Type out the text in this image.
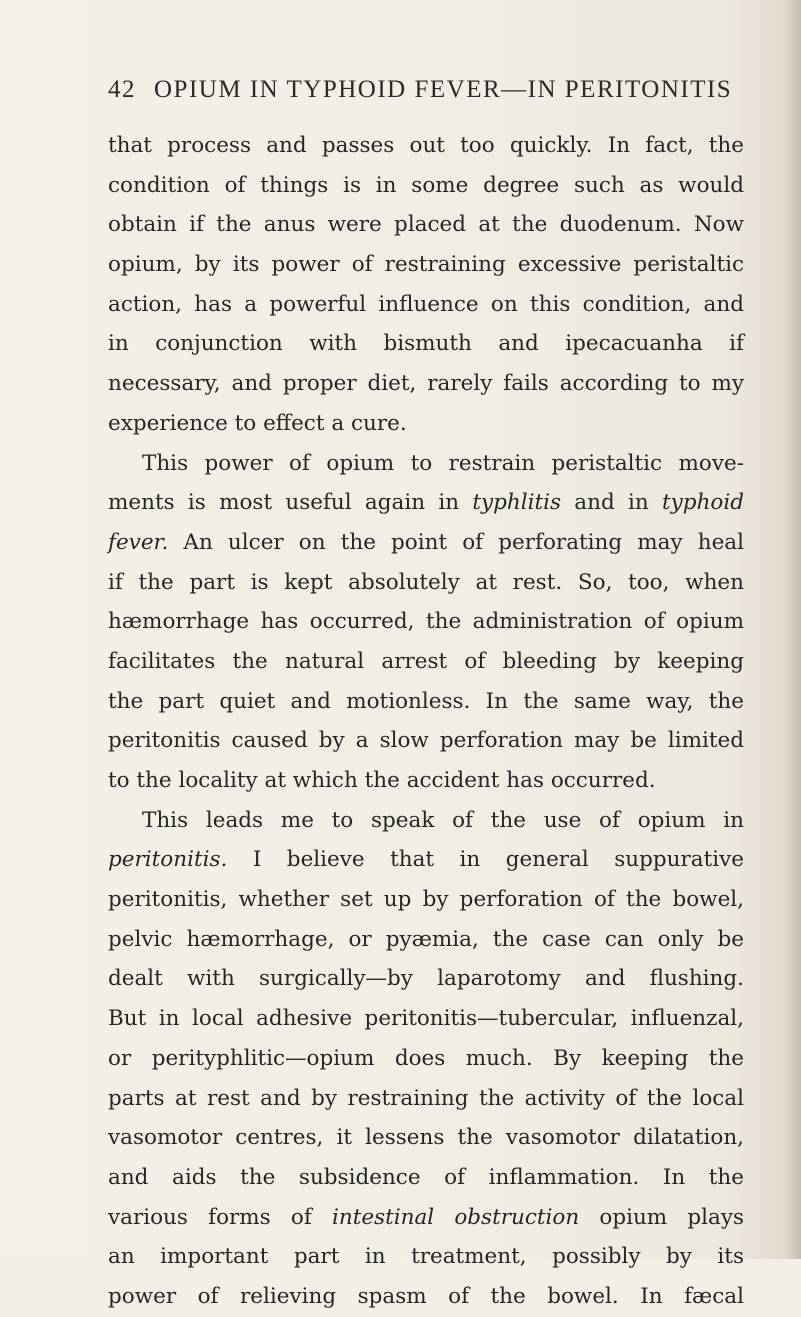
42 OPIUM IN TYPHOID FEVER—IN PERITONITIS
that process and passes out too quickly. In fact, the
condition of things is in some degree such as would
obtain if the anus were placed at the duodenum. Now
opium, by its power of restraining excessive peristaltic
action, has a powerful influence on this condition, and
in conjunction with bismuth and ipecacuanha if
necessary, and proper diet, rarely fails according to my
experience to effect a cure.
This power of opium to restrain peristaltic move-
ments is most useful again in typhlitis and in typhoid
fever. An ulcer on the point of perforating may heal
if the part is kept absolutely at rest. So, too, when
hæmorrhage has occurred, the administration of opium
facilitates the natural arrest of bleeding by keeping
the part quiet and motionless. In the same way, the
peritonitis caused by a slow perforation may be limited
to the locality at which the accident has occurred.
This leads me to speak of the use of opium in
peritonitis. I believe that in general suppurative
peritonitis, whether set up by perforation of the bowel,
pelvic hæmorrhage, or pyæmia, the case can only be
dealt with surgically—by laparotomy and flushing.
But in local adhesive peritonitis—tubercular, influenzal,
or perityphlitic—opium does much. By keeping the
parts at rest and by restraining the activity of the local
vasomotor centres, it lessens the vasomotor dilatation,
and aids the subsidence of inflammation. In the
various forms of intestinal obstruction opium plays
an important part in treatment, possibly by its
power of relieving spasm of the bowel. In fæcal
